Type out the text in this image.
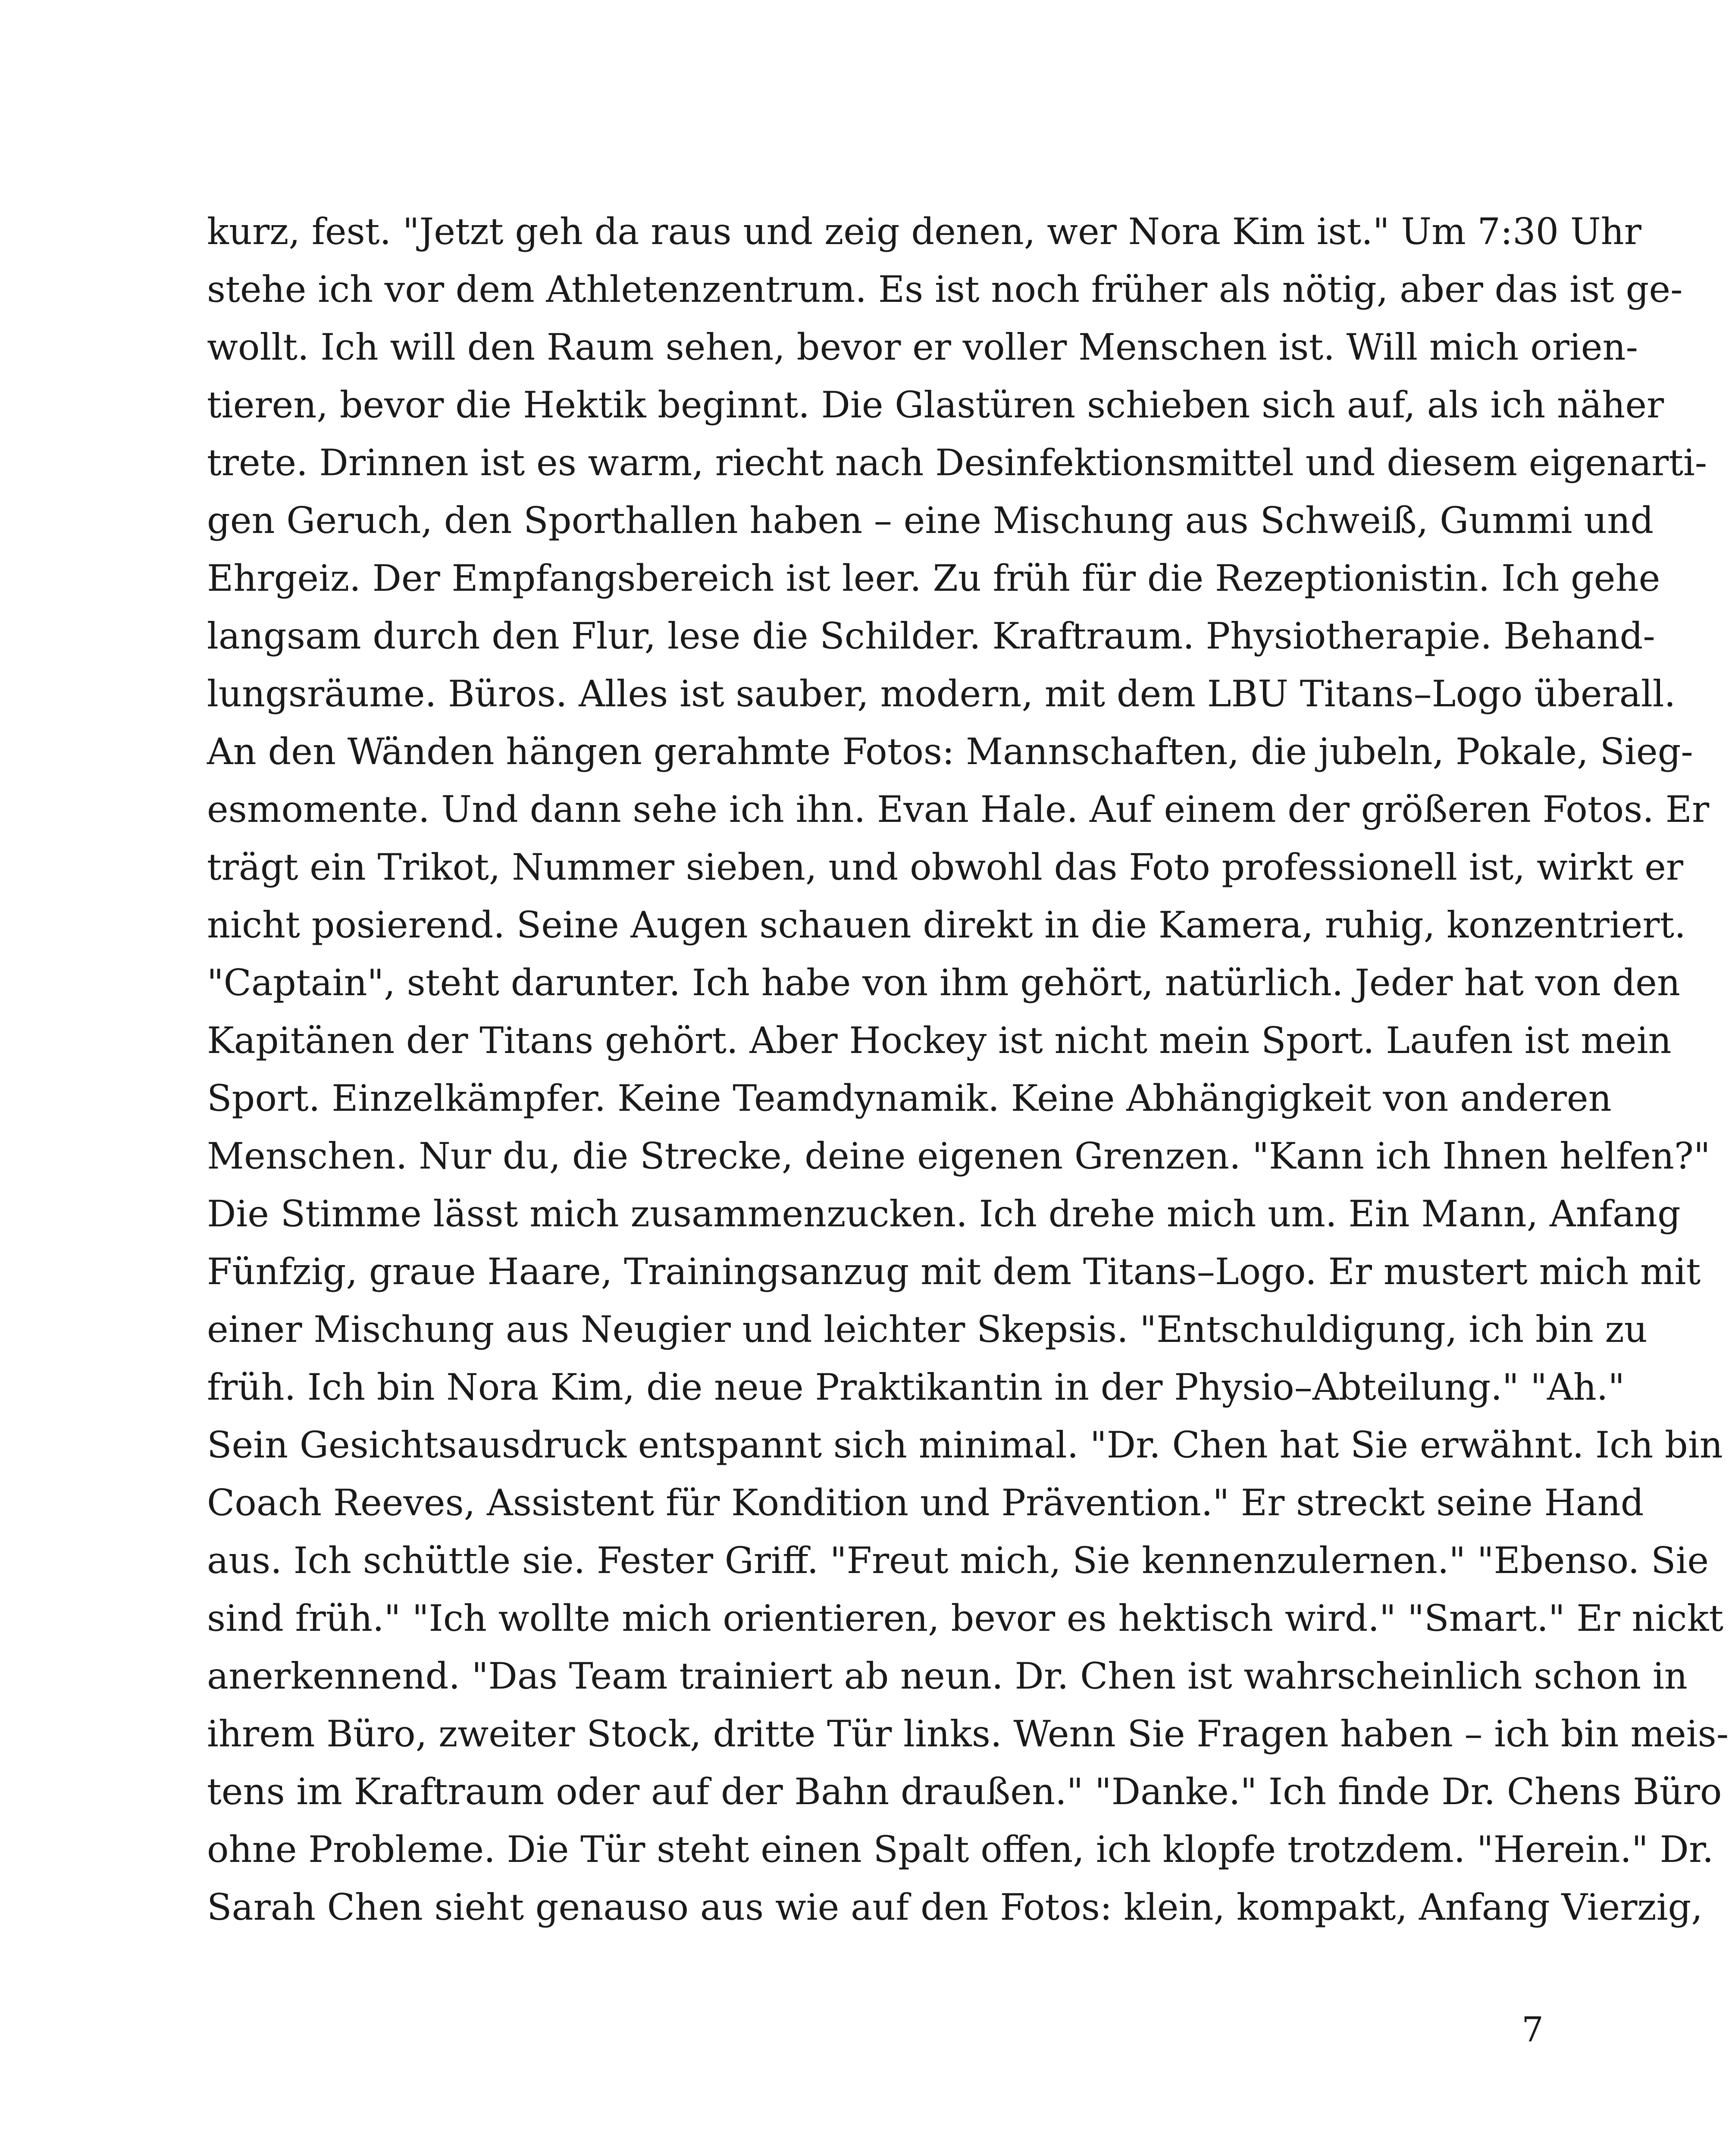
kurz, fest. "Jetzt geh da raus und zeig denen, wer Nora Kim ist." Um 7:30 Uhr
stehe ich vor dem Athletenzentrum. Es ist noch früher als nötig, aber das ist ge-
wollt. Ich will den Raum sehen, bevor er voller Menschen ist. Will mich orien-
tieren, bevor die Hektik beginnt. Die Glastüren schieben sich auf, als ich näher
trete. Drinnen ist es warm, riecht nach Desinfektionsmittel und diesem eigenarti-
gen Geruch, den Sporthallen haben – eine Mischung aus Schweiß, Gummi und
Ehrgeiz. Der Empfangsbereich ist leer. Zu früh für die Rezeptionistin. Ich gehe
langsam durch den Flur, lese die Schilder. Kraftraum. Physiotherapie. Behand-
lungsräume. Büros. Alles ist sauber, modern, mit dem LBU Titans–Logo überall.
An den Wänden hängen gerahmte Fotos: Mannschaften, die jubeln, Pokale, Sieg-
esmomente. Und dann sehe ich ihn. Evan Hale. Auf einem der größeren Fotos. Er
trägt ein Trikot, Nummer sieben, und obwohl das Foto professionell ist, wirkt er
nicht posierend. Seine Augen schauen direkt in die Kamera, ruhig, konzentriert.
"Captain", steht darunter. Ich habe von ihm gehört, natürlich. Jeder hat von den
Kapitänen der Titans gehört. Aber Hockey ist nicht mein Sport. Laufen ist mein
Sport. Einzelkämpfer. Keine Teamdynamik. Keine Abhängigkeit von anderen
Menschen. Nur du, die Strecke, deine eigenen Grenzen. "Kann ich Ihnen helfen?"
Die Stimme lässt mich zusammenzucken. Ich drehe mich um. Ein Mann, Anfang
Fünfzig, graue Haare, Trainingsanzug mit dem Titans–Logo. Er mustert mich mit
einer Mischung aus Neugier und leichter Skepsis. "Entschuldigung, ich bin zu
früh. Ich bin Nora Kim, die neue Praktikantin in der Physio–Abteilung." "Ah."
Sein Gesichtsausdruck entspannt sich minimal. "Dr. Chen hat Sie erwähnt. Ich bin
Coach Reeves, Assistent für Kondition und Prävention." Er streckt seine Hand
aus. Ich schüttle sie. Fester Griff. "Freut mich, Sie kennenzulernen." "Ebenso. Sie
sind früh." "Ich wollte mich orientieren, bevor es hektisch wird." "Smart." Er nickt
anerkennend. "Das Team trainiert ab neun. Dr. Chen ist wahrscheinlich schon in
ihrem Büro, zweiter Stock, dritte Tür links. Wenn Sie Fragen haben – ich bin meis-
tens im Kraftraum oder auf der Bahn draußen." "Danke." Ich finde Dr. Chens Büro
ohne Probleme. Die Tür steht einen Spalt offen, ich klopfe trotzdem. "Herein." Dr.
Sarah Chen sieht genauso aus wie auf den Fotos: klein, kompakt, Anfang Vierzig,
7
